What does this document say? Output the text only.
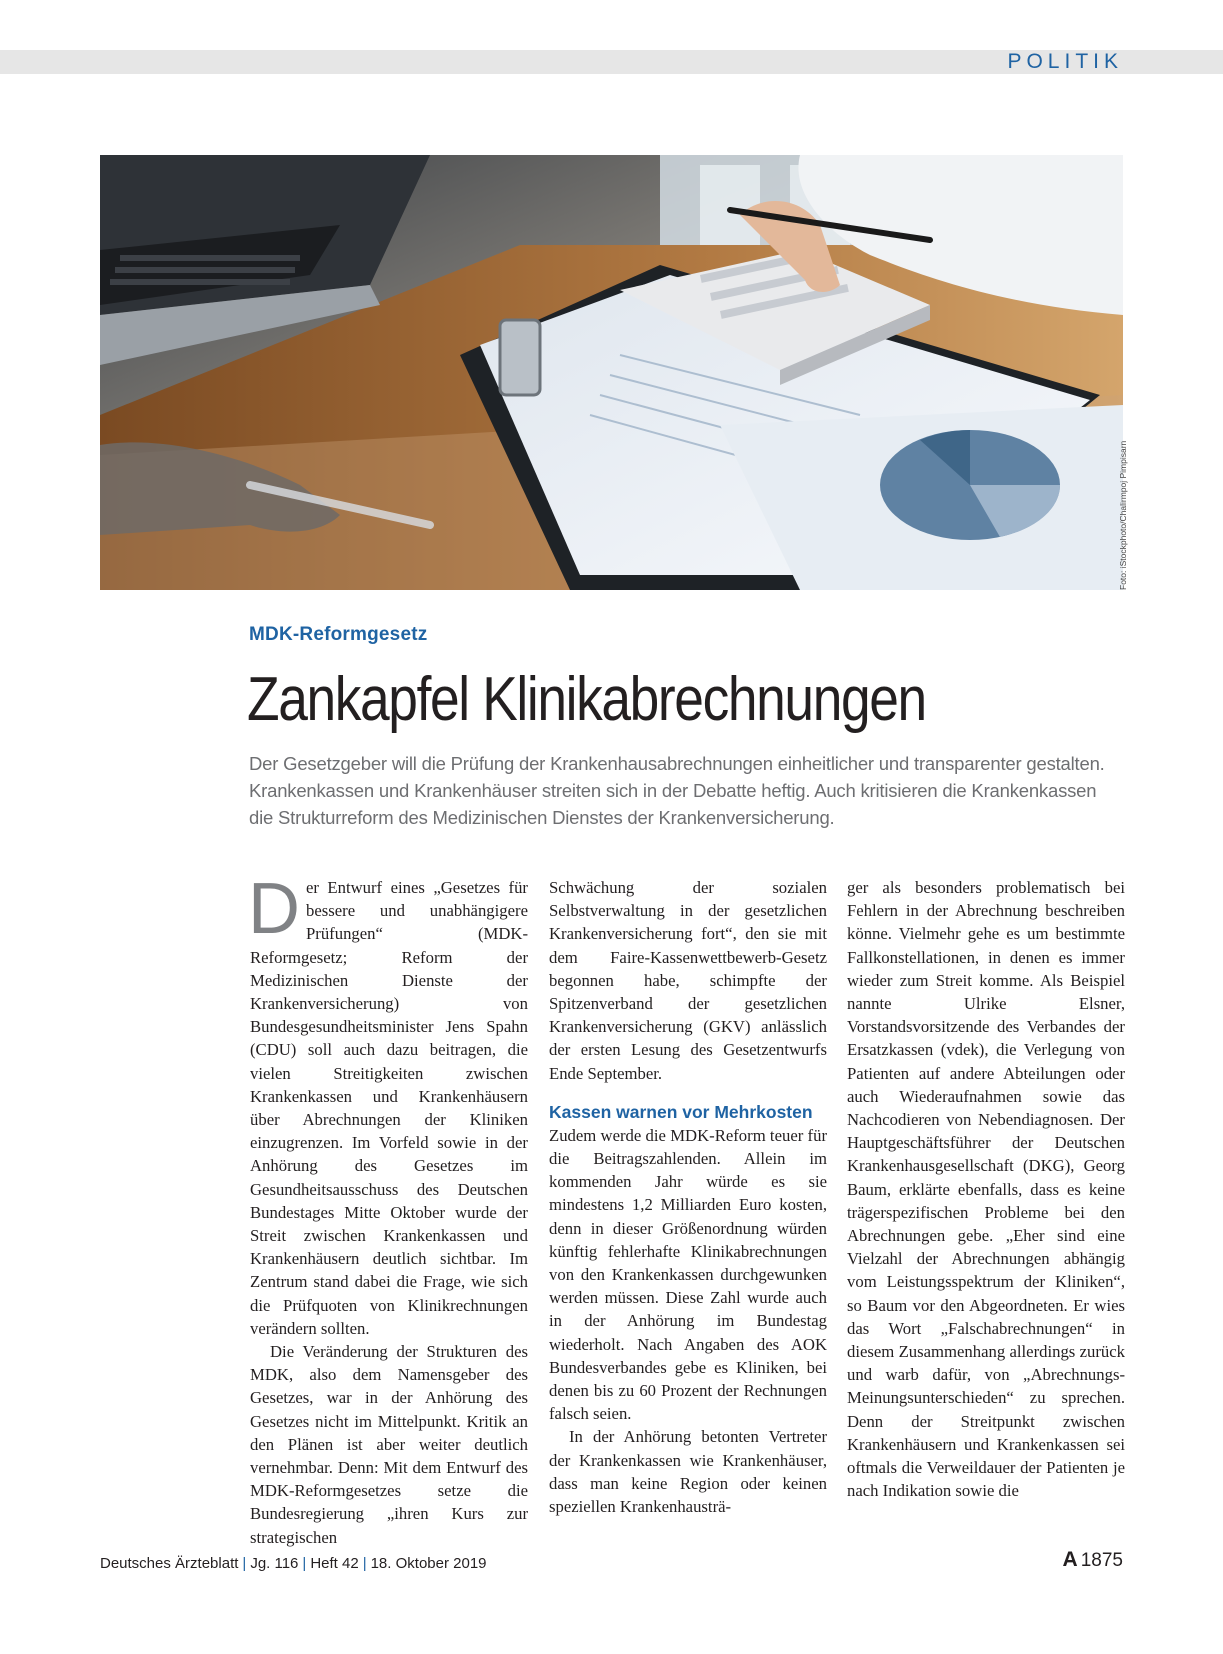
POLITIK
Foto: iStockphoto/Chalirmpoj Pimpisarn
MDK-Reformgesetz
Zankapfel Klinikabrechnungen

Der Gesetzgeber will die Prüfung der Krankenhausabrechnungen einheitlicher und transparenter gestalten. Krankenkassen und Krankenhäuser streiten sich in der Debatte heftig. Auch kritisieren die Krankenkassen die Strukturreform des Medizinischen Dienstes der Krankenversicherung.

D er Entwurf eines „Gesetzes für bessere und unabhängigere Prüfungen“ (MDK-Reformgesetz; Reform der Medizinischen Dienste der Krankenversicherung) von Bundesgesundheitsminister Jens Spahn (CDU) soll auch dazu beitragen, die vielen Streitigkeiten zwischen Krankenkassen und Krankenhäusern über Abrechnungen der Kliniken einzugrenzen. Im Vorfeld sowie in der Anhörung des Gesetzes im Gesundheitsausschuss des Deutschen Bundestages Mitte Oktober wurde der Streit zwischen Krankenkassen und Krankenhäusern deutlich sichtbar. Im Zentrum stand dabei die Frage, wie sich die Prüfquoten von Klinikrechnungen verändern sollten.

Die Veränderung der Strukturen des MDK, also dem Namensgeber des Gesetzes, war in der Anhörung des Gesetzes nicht im Mittelpunkt. Kritik an den Plänen ist aber weiter deutlich vernehmbar. Denn: Mit dem Entwurf des MDK-Reformgesetzes setze die Bundesregierung „ihren Kurs zur strategischen

Schwächung der sozialen Selbstverwaltung in der gesetzlichen Krankenversicherung fort“, den sie mit dem Faire-Kassenwettbewerb-Gesetz begonnen habe, schimpfte der Spitzenverband der gesetzlichen Krankenversicherung (GKV) anlässlich der ersten Lesung des Gesetzentwurfs Ende September.

Kassen warnen vor Mehrkosten

Zudem werde die MDK-Reform teuer für die Beitragszahlenden. Allein im kommenden Jahr würde es sie mindestens 1,2 Milliarden Euro kosten, denn in dieser Größenordnung würden künftig fehlerhafte Klinikabrechnungen von den Krankenkassen durchgewunken werden müssen. Diese Zahl wurde auch in der Anhörung im Bundestag wiederholt. Nach Angaben des AOK Bundesverbandes gebe es Kliniken, bei denen bis zu 60 Prozent der Rechnungen falsch seien.

In der Anhörung betonten Vertreter der Krankenkassen wie Krankenhäuser, dass man keine Region oder keinen speziellen Krankenhausträ-

ger als besonders problematisch bei Fehlern in der Abrechnung beschreiben könne. Vielmehr gehe es um bestimmte Fallkonstellationen, in denen es immer wieder zum Streit komme. Als Beispiel nannte Ulrike Elsner, Vorstandsvorsitzende des Verbandes der Ersatzkassen (vdek), die Verlegung von Patienten auf andere Abteilungen oder auch Wiederaufnahmen sowie das Nachcodieren von Nebendiagnosen. Der Hauptgeschäftsführer der Deutschen Krankenhausgesellschaft (DKG), Georg Baum, erklärte ebenfalls, dass es keine trägerspezifischen Probleme bei den Abrechnungen gebe. „Eher sind eine Vielzahl der Abrechnungen abhängig vom Leistungsspektrum der Kliniken“, so Baum vor den Abgeordneten. Er wies das Wort „Falschabrechnungen“ in diesem Zusammenhang allerdings zurück und warb dafür, von „Abrechnungs-Meinungsunterschieden“ zu sprechen. Denn der Streitpunkt zwischen Krankenhäusern und Krankenkassen sei oftmals die Verweildauer der Patienten je nach Indikation sowie die

Deutsches Ärzteblatt | Jg. 116 | Heft 42 | 18. Oktober 2019	A 1875
